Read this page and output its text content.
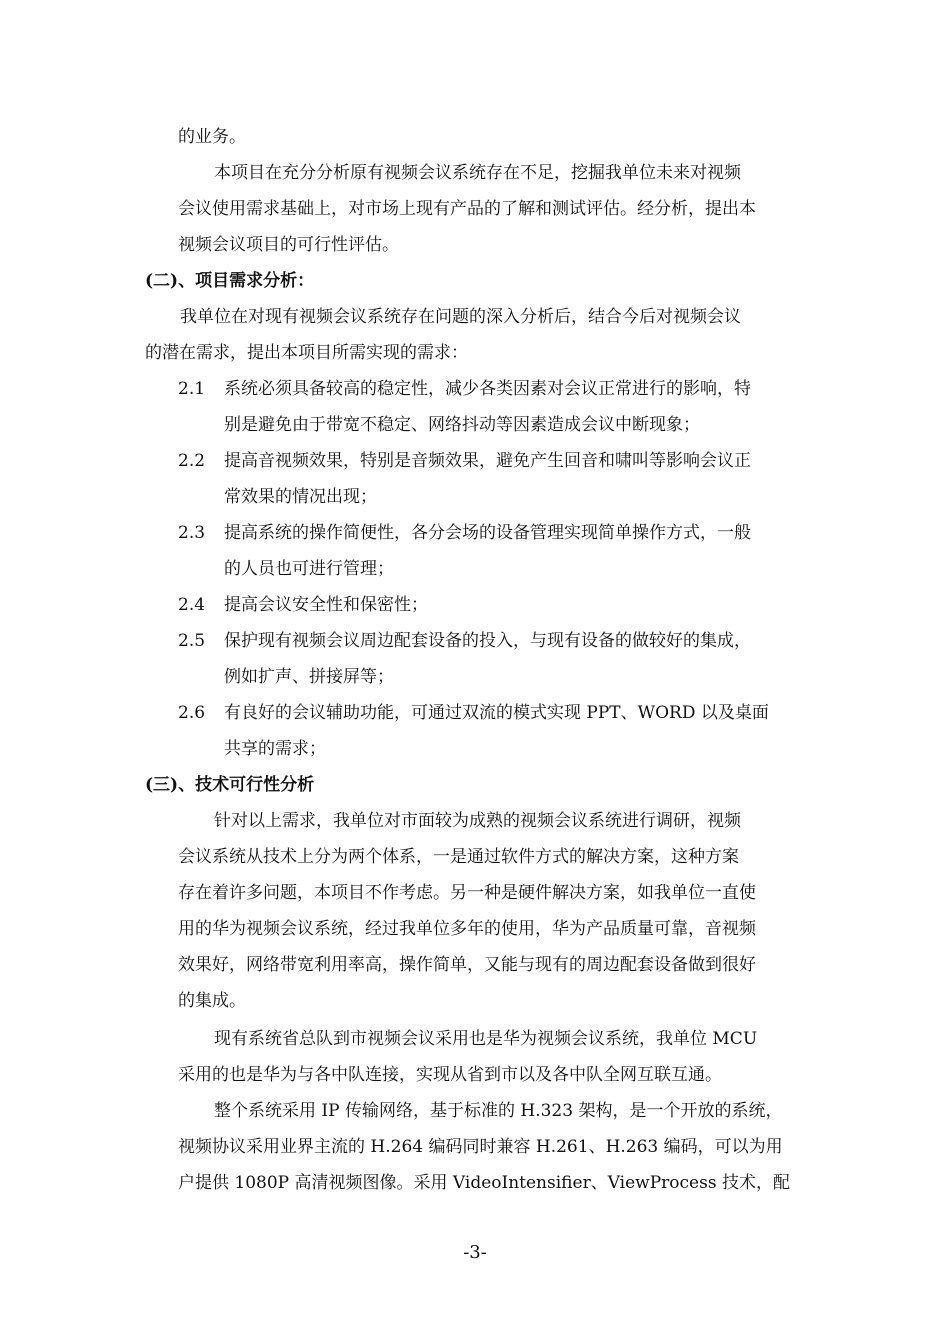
的业务。
本项目在充分分析原有视频会议系统存在不足，挖掘我单位未来对视频
会议使用需求基础上，对市场上现有产品的了解和测试评估。经分析，提出本
视频会议项目的可行性评估。
(二)、项目需求分析：
我单位在对现有视频会议系统存在问题的深入分析后，结合今后对视频会议
的潜在需求，提出本项目所需实现的需求：
2.1 系统必须具备较高的稳定性，减少各类因素对会议正常进行的影响，特
别是避免由于带宽不稳定、网络抖动等因素造成会议中断现象；
2.2 提高音视频效果，特别是音频效果，避免产生回音和啸叫等影响会议正
常效果的情况出现；
2.3 提高系统的操作简便性，各分会场的设备管理实现简单操作方式，一般
的人员也可进行管理；
2.4 提高会议安全性和保密性；
2.5 保护现有视频会议周边配套设备的投入，与现有设备的做较好的集成，
例如扩声、拼接屏等；
2.6 有良好的会议辅助功能，可通过双流的模式实现 PPT、WORD 以及桌面
共享的需求；
(三)、技术可行性分析
针对以上需求，我单位对市面较为成熟的视频会议系统进行调研，视频
会议系统从技术上分为两个体系，一是通过软件方式的解决方案，这种方案
存在着许多问题，本项目不作考虑。另一种是硬件解决方案，如我单位一直使
用的华为视频会议系统，经过我单位多年的使用，华为产品质量可靠，音视频
效果好，网络带宽利用率高，操作简单，又能与现有的周边配套设备做到很好
的集成。
现有系统省总队到市视频会议采用也是华为视频会议系统，我单位 MCU
采用的也是华为与各中队连接，实现从省到市以及各中队全网互联互通。
整个系统采用 IP 传输网络，基于标准的 H.323 架构，是一个开放的系统，
视频协议采用业界主流的 H.264 编码同时兼容 H.261、H.263 编码，可以为用
户提供 1080P 高清视频图像。采用 VideoIntensifier、ViewProcess 技术，配
-3-
